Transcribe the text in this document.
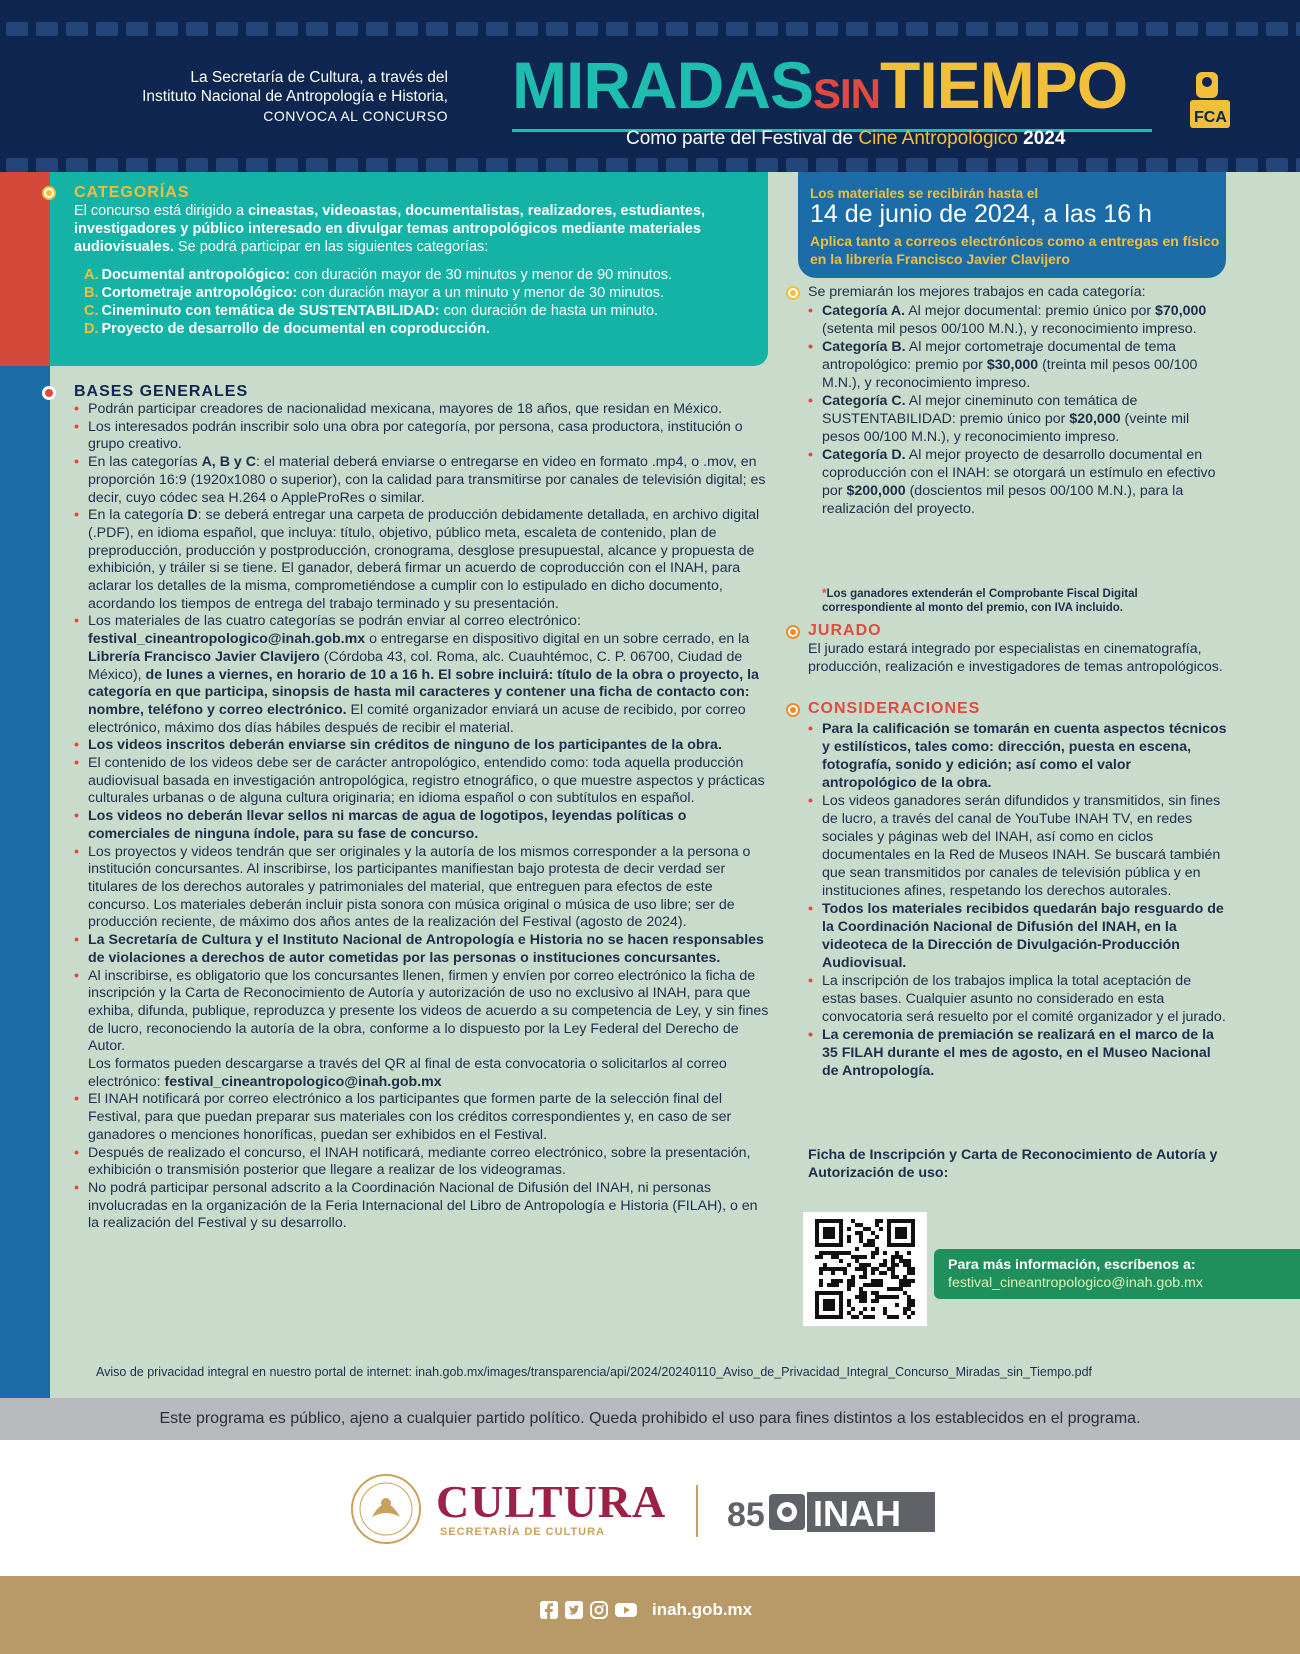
La Secretaría de Cultura, a través del
Instituto Nacional de Antropología e Historia,
CONVOCA AL CONCURSO MIRADASSINTIEMPO
Como parte del Festival de Cine Antropológico 2024
FCA
CATEGORÍAS
El concurso está dirigido a cineastas, videoastas, documentalistas, realizadores, estudiantes, investigadores y público interesado en divulgar temas antropológicos mediante materiales audiovisuales. Se podrá participar en las siguientes categorías:
A. Documental antropológico: con duración mayor de 30 minutos y menor de 90 minutos.
B. Cortometraje antropológico: con duración mayor a un minuto y menor de 30 minutos.
C. Cineminuto con temática de SUSTENTABILIDAD: con duración de hasta un minuto.
D. Proyecto de desarrollo de documental en coproducción.
Los materiales se recibirán hasta el
14 de junio de 2024, a las 16 h
Aplica tanto a correos electrónicos como a entregas en físico en la librería Francisco Javier Clavijero
BASES GENERALES
• Podrán participar creadores de nacionalidad mexicana, mayores de 18 años, que residan en México.
• Los interesados podrán inscribir solo una obra por categoría, por persona, casa productora, institución o grupo creativo.
• En las categorías A, B y C: el material deberá enviarse o entregarse en video en formato .mp4, o .mov, en proporción 16:9 (1920x1080 o superior), con la calidad para transmitirse por canales de televisión digital; es decir, cuyo códec sea H.264 o AppleProRes o similar.
• En la categoría D: se deberá entregar una carpeta de producción debidamente detallada, en archivo digital (.PDF), en idioma español, que incluya: título, objetivo, público meta, escaleta de contenido, plan de preproducción, producción y postproducción, cronograma, desglose presupuestal, alcance y propuesta de exhibición, y tráiler si se tiene. El ganador, deberá firmar un acuerdo de coproducción con el INAH, para aclarar los detalles de la misma, comprometiéndose a cumplir con lo estipulado en dicho documento, acordando los tiempos de entrega del trabajo terminado y su presentación.
• Los materiales de las cuatro categorías se podrán enviar al correo electrónico: festival_cineantropologico@inah.gob.mx o entregarse en dispositivo digital en un sobre cerrado, en la Librería Francisco Javier Clavijero (Córdoba 43, col. Roma, alc. Cuauhtémoc, C. P. 06700, Ciudad de México), de lunes a viernes, en horario de 10 a 16 h. El sobre incluirá: título de la obra o proyecto, la categoría en que participa, sinopsis de hasta mil caracteres y contener una ficha de contacto con: nombre, teléfono y correo electrónico. El comité organizador enviará un acuse de recibido, por correo electrónico, máximo dos días hábiles después de recibir el material.
• Los videos inscritos deberán enviarse sin créditos de ninguno de los participantes de la obra.
• El contenido de los videos debe ser de carácter antropológico, entendido como: toda aquella producción audiovisual basada en investigación antropológica, registro etnográfico, o que muestre aspectos y prácticas culturales urbanas o de alguna cultura originaria; en idioma español o con subtítulos en español.
• Los videos no deberán llevar sellos ni marcas de agua de logotipos, leyendas políticas o comerciales de ninguna índole, para su fase de concurso.
• Los proyectos y videos tendrán que ser originales y la autoría de los mismos corresponder a la persona o institución concursantes. Al inscribirse, los participantes manifiestan bajo protesta de decir verdad ser titulares de los derechos autorales y patrimoniales del material, que entreguen para efectos de este concurso. Los materiales deberán incluir pista sonora con música original o música de uso libre; ser de producción reciente, de máximo dos años antes de la realización del Festival (agosto de 2024).
• La Secretaría de Cultura y el Instituto Nacional de Antropología e Historia no se hacen responsables de violaciones a derechos de autor cometidas por las personas o instituciones concursantes.
• Al inscribirse, es obligatorio que los concursantes llenen, firmen y envíen por correo electrónico la ficha de inscripción y la Carta de Reconocimiento de Autoría y autorización de uso no exclusivo al INAH, para que exhiba, difunda, publique, reproduzca y presente los videos de acuerdo a su competencia de Ley, y sin fines de lucro, reconociendo la autoría de la obra, conforme a lo dispuesto por la Ley Federal del Derecho de Autor.
Los formatos pueden descargarse a través del QR al final de esta convocatoria o solicitarlos al correo electrónico: festival_cineantropologico@inah.gob.mx
• El INAH notificará por correo electrónico a los participantes que formen parte de la selección final del Festival, para que puedan preparar sus materiales con los créditos correspondientes y, en caso de ser ganadores o menciones honoríficas, puedan ser exhibidos en el Festival.
• Después de realizado el concurso, el INAH notificará, mediante correo electrónico, sobre la presentación, exhibición o transmisión posterior que llegare a realizar de los videogramas.
• No podrá participar personal adscrito a la Coordinación Nacional de Difusión del INAH, ni personas involucradas en la organización de la Feria Internacional del Libro de Antropología e Historia (FILAH), o en la realización del Festival y su desarrollo.
Se premiarán los mejores trabajos en cada categoría:
• Categoría A. Al mejor documental: premio único por $70,000 (setenta mil pesos 00/100 M.N.), y reconocimiento impreso.
• Categoría B. Al mejor cortometraje documental de tema antropológico: premio por $30,000 (treinta mil pesos 00/100 M.N.), y reconocimiento impreso.
• Categoría C. Al mejor cineminuto con temática de SUSTENTABILIDAD: premio único por $20,000 (veinte mil pesos 00/100 M.N.), y reconocimiento impreso.
• Categoría D. Al mejor proyecto de desarrollo documental en coproducción con el INAH: se otorgará un estímulo en efectivo por $200,000 (doscientos mil pesos 00/100 M.N.), para la realización del proyecto.
*Los ganadores extenderán el Comprobante Fiscal Digital correspondiente al monto del premio, con IVA incluido.
JURADO
El jurado estará integrado por especialistas en cinematografía, producción, realización e investigadores de temas antropológicos.
CONSIDERACIONES
• Para la calificación se tomarán en cuenta aspectos técnicos y estilísticos, tales como: dirección, puesta en escena, fotografía, sonido y edición; así como el valor antropológico de la obra.
• Los videos ganadores serán difundidos y transmitidos, sin fines de lucro, a través del canal de YouTube INAH TV, en redes sociales y páginas web del INAH, así como en ciclos documentales en la Red de Museos INAH. Se buscará también que sean transmitidos por canales de televisión pública y en instituciones afines, respetando los derechos autorales.
• Todos los materiales recibidos quedarán bajo resguardo de la Coordinación Nacional de Difusión del INAH, en la videoteca de la Dirección de Divulgación-Producción Audiovisual.
• La inscripción de los trabajos implica la total aceptación de estas bases. Cualquier asunto no considerado en esta convocatoria será resuelto por el comité organizador y el jurado.
• La ceremonia de premiación se realizará en el marco de la 35 FILAH durante el mes de agosto, en el Museo Nacional de Antropología.
Ficha de Inscripción y Carta de Reconocimiento de Autoría y Autorización de uso:
Para más información, escríbenos a:
festival_cineantropologico@inah.gob.mx
Aviso de privacidad integral en nuestro portal de internet: inah.gob.mx/images/transparencia/api/2024/20240110_Aviso_de_Privacidad_Integral_Concurso_Miradas_sin_Tiempo.pdf
Este programa es público, ajeno a cualquier partido político. Queda prohibido el uso para fines distintos a los establecidos en el programa.
CULTURA
SECRETARÍA DE CULTURA	85 INAH
inah.gob.mx
